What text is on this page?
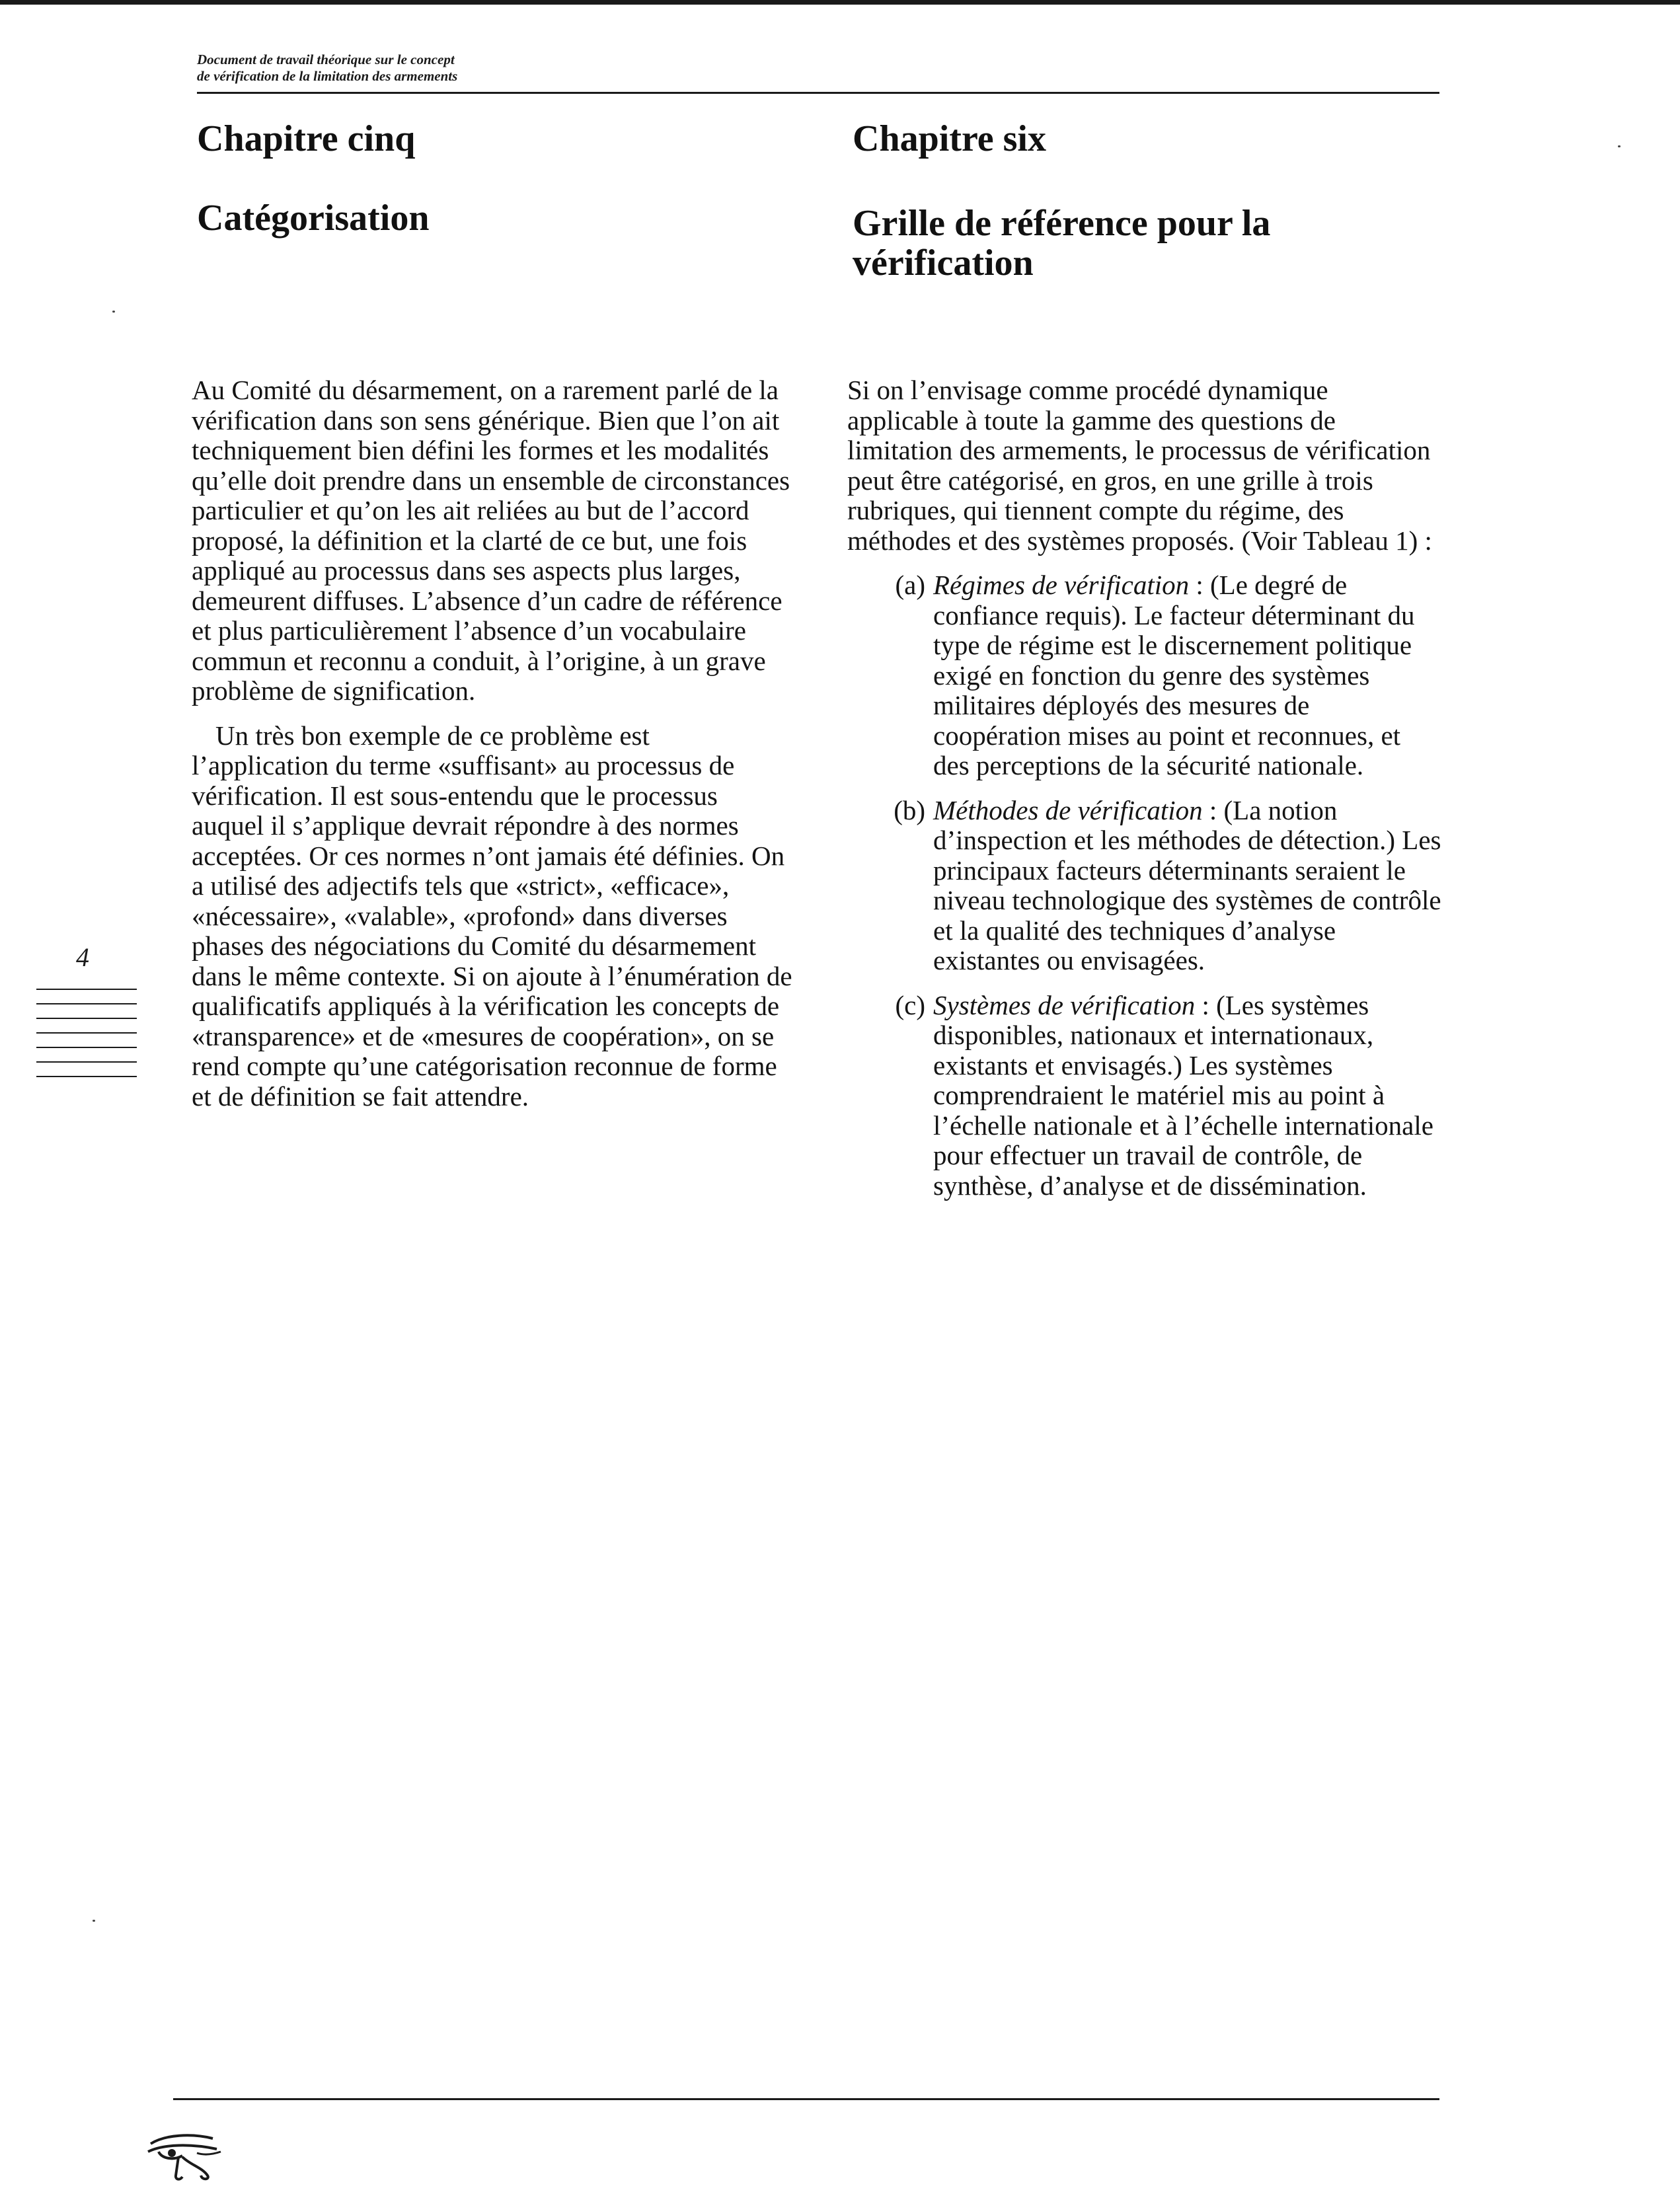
Document de travail théorique sur le concept
de vérification de la limitation des armements
Chapitre cinq
Catégorisation
Chapitre six
Grille de référence pour la vérification

Au Comité du désarmement, on a rarement parlé de la vérification dans son sens générique. Bien que l’on ait techniquement bien défini les formes et les modalités qu’elle doit prendre dans un ensemble de circonstances particulier et qu’on les ait reliées au but de l’accord proposé, la définition et la clarté de ce but, une fois appliqué au processus dans ses aspects plus larges, demeurent diffuses. L’absence d’un cadre de référence et plus particulièrement l’absence d’un vocabulaire commun et reconnu a conduit, à l’origine, à un grave problème de signification.

Un très bon exemple de ce problème est l’application du terme «suffisant» au processus de vérification. Il est sous-entendu que le processus auquel il s’applique devrait répondre à des normes acceptées. Or ces normes n’ont jamais été définies. On a utilisé des adjectifs tels que «strict», «efficace», «nécessaire», «valable», «profond» dans diverses phases des négociations du Comité du désarmement dans le même contexte. Si on ajoute à l’énumération de qualificatifs appliqués à la vérification les concepts de «transparence» et de «mesures de coopération», on se rend compte qu’une catégorisation reconnue de forme et de définition se fait attendre.

Si on l’envisage comme procédé dynamique applicable à toute la gamme des questions de limitation des armements, le processus de vérification peut être catégorisé, en gros, en une grille à trois rubriques, qui tiennent compte du régime, des méthodes et des systèmes proposés. (Voir Tableau 1) :

(a) Régimes de vérification : (Le degré de confiance requis). Le facteur déterminant du type de régime est le discernement politique exigé en fonction du genre des systèmes militaires déployés des mesures de coopération mises au point et reconnues, et des perceptions de la sécurité nationale.
(b) Méthodes de vérification : (La notion d’inspection et les méthodes de détection.) Les principaux facteurs déterminants seraient le niveau technologique des systèmes de contrôle et la qualité des techniques d’analyse existantes ou envisagées.
(c) Systèmes de vérification : (Les systèmes disponibles, nationaux et internationaux, existants et envisagés.) Les systèmes comprendraient le matériel mis au point à l’échelle nationale et à l’échelle internationale pour effectuer un travail de contrôle, de synthèse, d’analyse et de dissémination.
4
